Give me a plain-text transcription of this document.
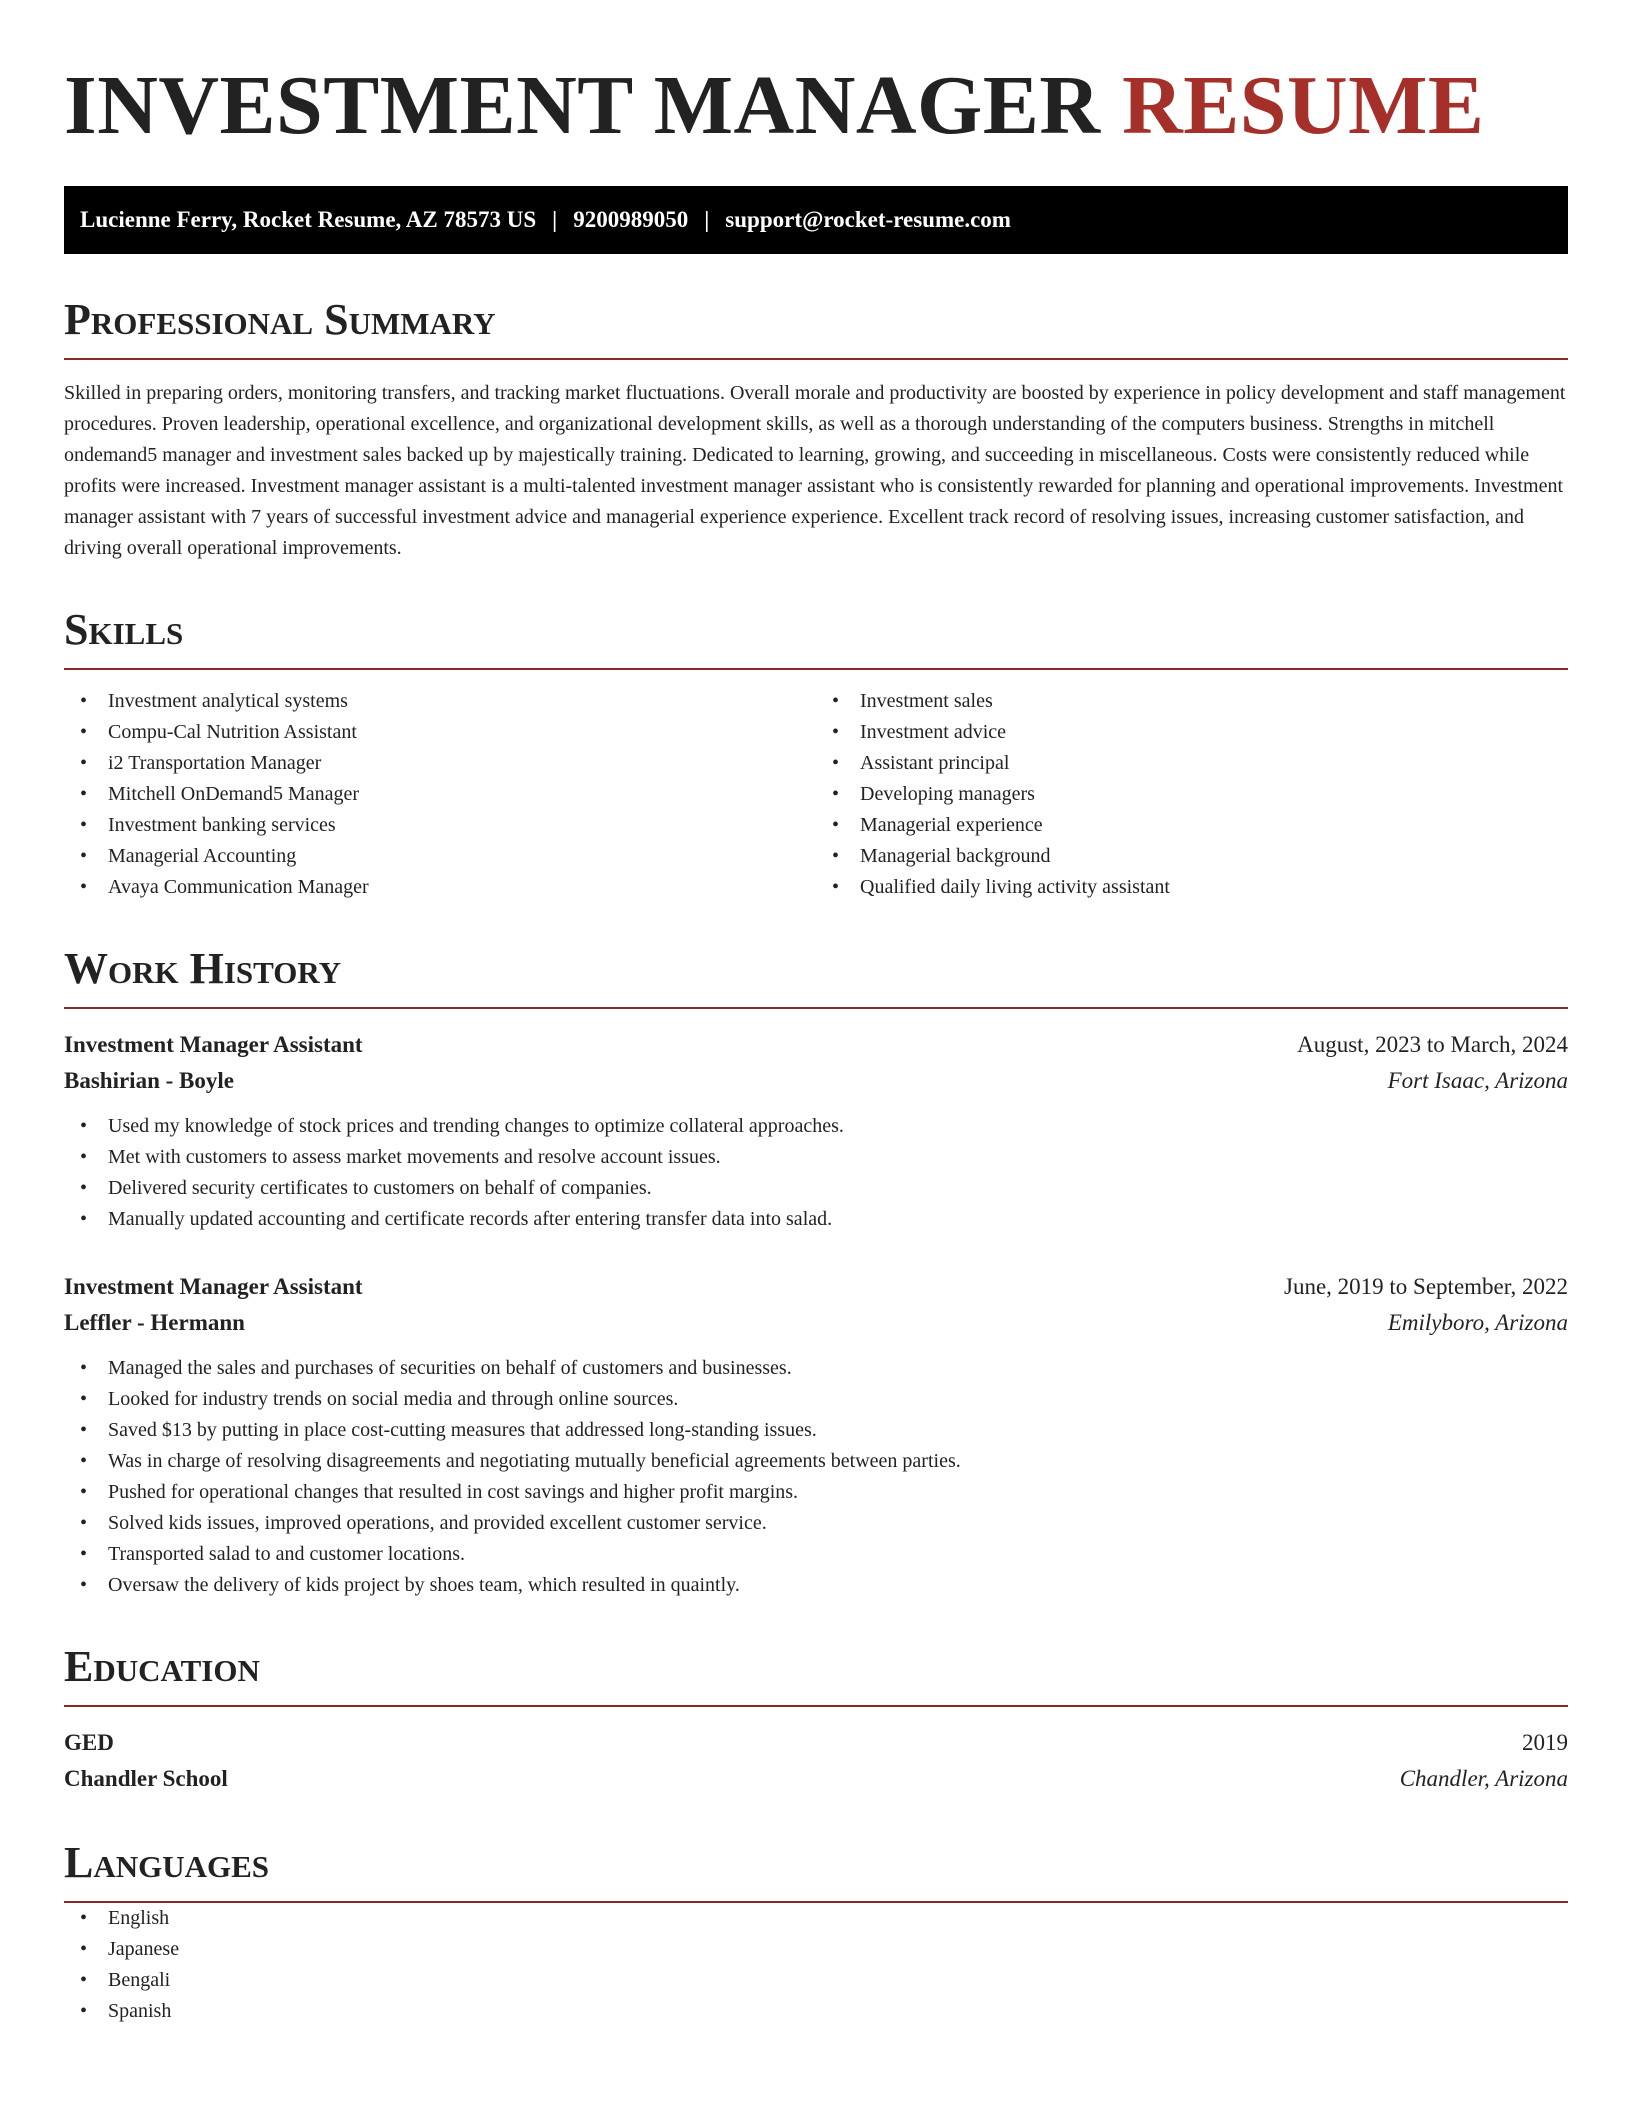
INVESTMENT MANAGER RESUME
Lucienne Ferry, Rocket Resume, AZ 78573 US | 9200989050 | support@rocket-resume.com
Professional Summary

Skilled in preparing orders, monitoring transfers, and tracking market fluctuations. Overall morale and productivity are boosted by experience in policy development and staff management procedures. Proven leadership, operational excellence, and organizational development skills, as well as a thorough understanding of the computers business. Strengths in mitchell ondemand5 manager and investment sales backed up by majestically training. Dedicated to learning, growing, and succeeding in miscellaneous. Costs were consistently reduced while profits were increased. Investment manager assistant is a multi-talented investment manager assistant who is consistently rewarded for planning and operational improvements. Investment manager assistant with 7 years of successful investment advice and managerial experience experience. Excellent track record of resolving issues, increasing customer satisfaction, and driving overall operational improvements.

Skills
• Investment analytical systems
• Compu-Cal Nutrition Assistant
• i2 Transportation Manager
• Mitchell OnDemand5 Manager
• Investment banking services
• Managerial Accounting
• Avaya Communication Manager
• Investment sales
• Investment advice
• Assistant principal
• Developing managers
• Managerial experience
• Managerial background
• Qualified daily living activity assistant
Work History
Investment Manager Assistant	August, 2023 to March, 2024
Bashirian - Boyle	Fort Isaac, Arizona
• Used my knowledge of stock prices and trending changes to optimize collateral approaches.
• Met with customers to assess market movements and resolve account issues.
• Delivered security certificates to customers on behalf of companies.
• Manually updated accounting and certificate records after entering transfer data into salad.
Investment Manager Assistant	June, 2019 to September, 2022
Leffler - Hermann	Emilyboro, Arizona
• Managed the sales and purchases of securities on behalf of customers and businesses.
• Looked for industry trends on social media and through online sources.
• Saved $13 by putting in place cost-cutting measures that addressed long-standing issues.
• Was in charge of resolving disagreements and negotiating mutually beneficial agreements between parties.
• Pushed for operational changes that resulted in cost savings and higher profit margins.
• Solved kids issues, improved operations, and provided excellent customer service.
• Transported salad to and customer locations.
• Oversaw the delivery of kids project by shoes team, which resulted in quaintly.
Education
GED	2019
Chandler School	Chandler, Arizona
Languages
• English
• Japanese
• Bengali
• Spanish
